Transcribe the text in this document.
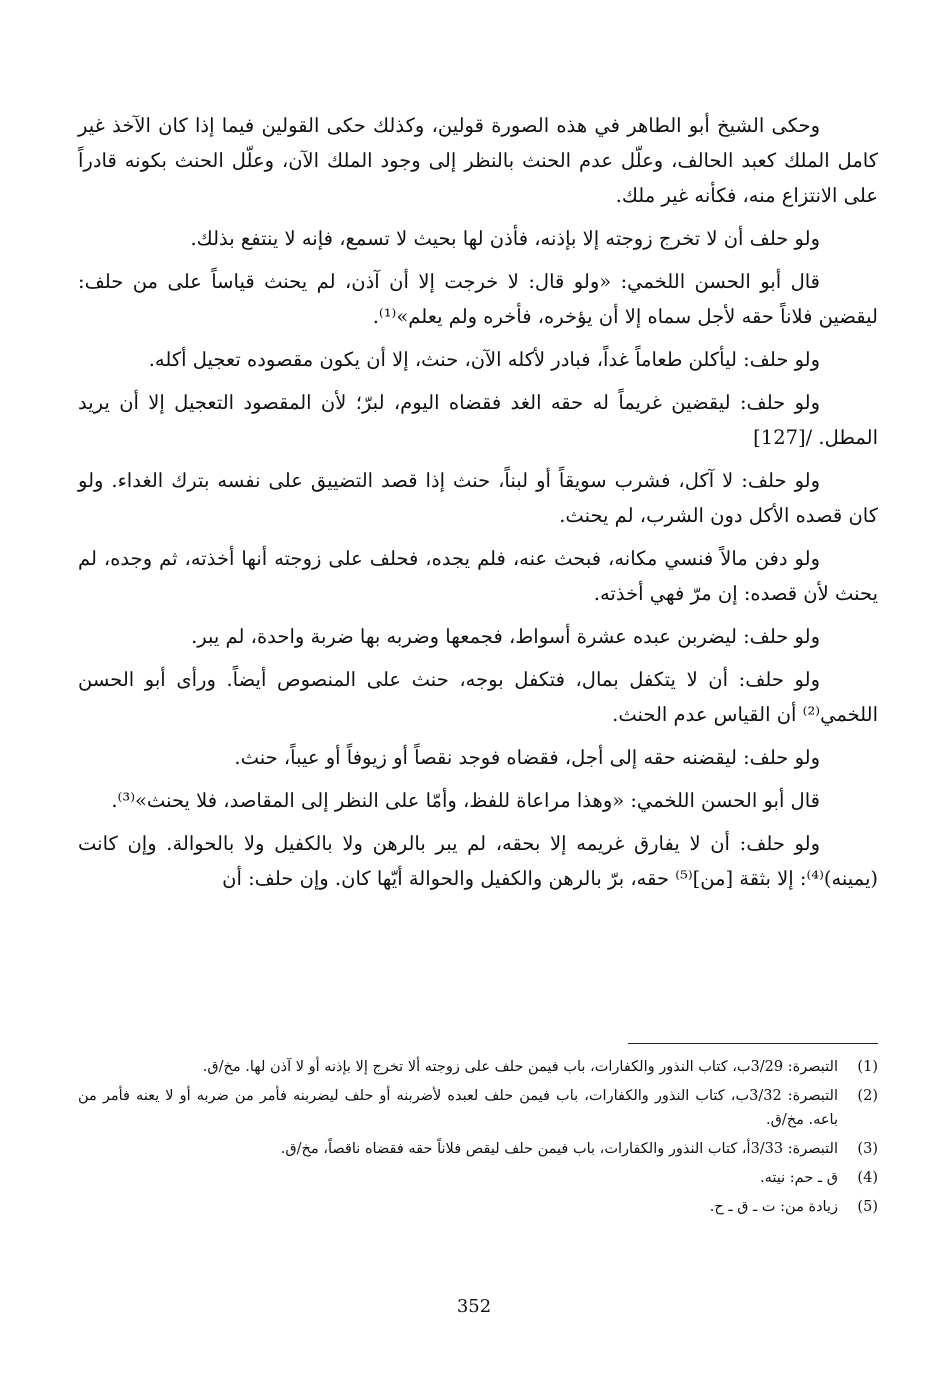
وحكى الشيخ أبو الطاهر في هذه الصورة قولين، وكذلك حكى القولين فيما إذا كان الآخذ غير كامل الملك كعبد الحالف، وعلّل عدم الحنث بالنظر إلى وجود الملك الآن، وعلّل الحنث بكونه قادراً على الانتزاع منه، فكأنه غير ملك.

ولو حلف أن لا تخرج زوجته إلا بإذنه، فأذن لها بحيث لا تسمع، فإنه لا ينتفع بذلك.

قال أبو الحسن اللخمي: «ولو قال: لا خرجت إلا أن آذن، لم يحنث قياساً على من حلف: ليقضين فلاناً حقه لأجل سماه إلا أن يؤخره، فأخره ولم يعلم»⁽¹⁾.

ولو حلف: ليأكلن طعاماً غداً، فبادر لأكله الآن، حنث، إلا أن يكون مقصوده تعجيل أكله.

ولو حلف: ليقضين غريماً له حقه الغد فقضاه اليوم، لبرّ؛ لأن المقصود التعجيل إلا أن يريد المطل. /[127]

ولو حلف: لا آكل، فشرب سويقاً أو لبناً، حنث إذا قصد التضييق على نفسه بترك الغداء. ولو كان قصده الأكل دون الشرب، لم يحنث.

ولو دفن مالاً فنسي مكانه، فبحث عنه، فلم يجده، فحلف على زوجته أنها أخذته، ثم وجده، لم يحنث لأن قصده: إن مرّ فهي أخذته.

ولو حلف: ليضربن عبده عشرة أسواط، فجمعها وضربه بها ضربة واحدة، لم يبر.

ولو حلف: أن لا يتكفل بمال، فتكفل بوجه، حنث على المنصوص أيضاً. ورأى أبو الحسن اللخمي⁽²⁾ أن القياس عدم الحنث.

ولو حلف: ليقضنه حقه إلى أجل، فقضاه فوجد نقصاً أو زيوفاً أو عيباً، حنث.

قال أبو الحسن اللخمي: «وهذا مراعاة للفظ، وأمّا على النظر إلى المقاصد، فلا يحنث»⁽³⁾.

ولو حلف: أن لا يفارق غريمه إلا بحقه، لم يبر بالرهن ولا بالكفيل ولا بالحوالة. وإن كانت (يمينه)⁽⁴⁾: إلا بثقة [من]⁽⁵⁾ حقه، برّ بالرهن والكفيل والحوالة أيّها كان. وإن حلف: أن

(1)
التبصرة: 3/29ب، كتاب النذور والكفارات، باب فيمن حلف على زوجته ألا تخرج إلا بإذنه أو لا آذن لها. مخ/ق.
(2)
التبصرة: 3/32ب، كتاب النذور والكفارات، باب فيمن حلف لعبده لأضربنه أو حلف ليضربنه فأمر من ضربه أو لا يعنه فأمر من باعه. مخ/ق.
(3)
التبصرة: 3/33أ، كتاب النذور والكفارات، باب فيمن حلف ليقص فلاناً حقه فقضاه ناقصاً، مخ/ق.
(4)
ق ـ حم: نيته.
(5)
زيادة من: ت ـ ق ـ ح.
352
